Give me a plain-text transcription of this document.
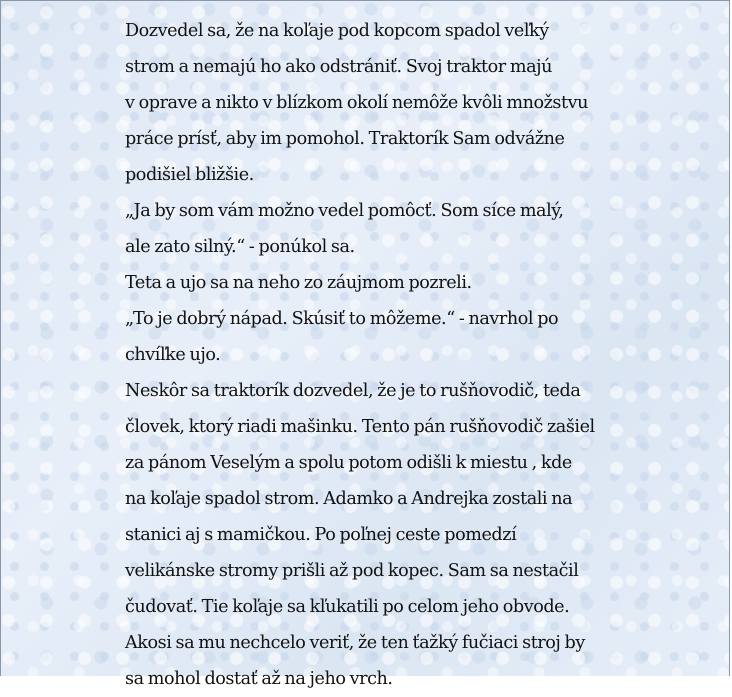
Dozvedel sa, že na koľaje pod kopcom spadol veľký
strom a nemajú ho ako odstrániť. Svoj traktor majú
v oprave a nikto v blízkom okolí nemôže kvôli množstvu
práce prísť, aby im pomohol. Traktorík Sam odvážne
podišiel bližšie.
„Ja by som vám možno vedel pomôcť. Som síce malý,
ale zato silný.“ - ponúkol sa.
Teta a ujo sa na neho zo záujmom pozreli.
„To je dobrý nápad. Skúsiť to môžeme.“ - navrhol po
chvíľke ujo.
Neskôr sa traktorík dozvedel, že je to rušňovodič, teda
človek, ktorý riadi mašinku. Tento pán rušňovodič zašiel
za pánom Veselým a spolu potom odišli k miestu , kde
na koľaje spadol strom. Adamko a Andrejka zostali na
stanici aj s mamičkou. Po poľnej ceste pomedzí
velikánske stromy prišli až pod kopec. Sam sa nestačil
čudovať. Tie koľaje sa kľukatili po celom jeho obvode.
Akosi sa mu nechcelo veriť, že ten ťažký fučiaci stroj by
sa mohol dostať až na jeho vrch.
